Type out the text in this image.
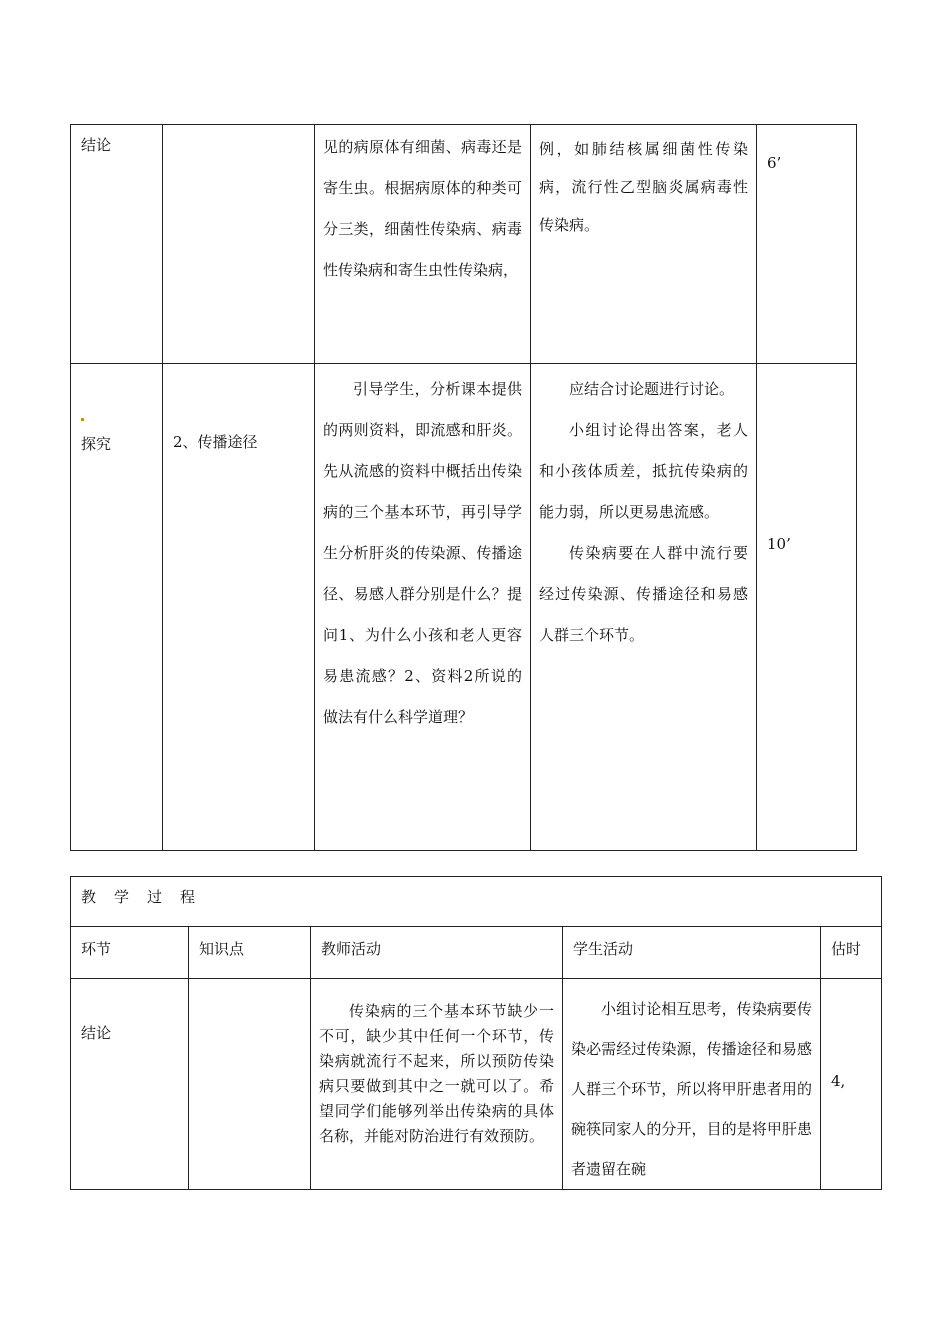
结论		见的病原体有细菌、病毒还是寄生虫。根据病原体的种类可分三类，细菌性传染病、病毒性传染病和寄生虫性传染病，	例，如肺结核属细菌性传染病，流行性乙型脑炎属病毒性传染病。	6’

探究	2、传播途径	引导学生，分析课本提供的两则资料，即流感和肝炎。先从流感的资料中概括出传染病的三个基本环节，再引导学生分析肝炎的传染源、传播途径、易感人群分别是什么？提问1、为什么小孩和老人更容易患流感？2、资料2所说的做法有什么科学道理？	应结合讨论题进行讨论。
小组讨论得出答案，老人和小孩体质差，抵抗传染病的能力弱，所以更易患流感。
传染病要在人群中流行要经过传染源、传播途径和易感人群三个环节。	10’
教学过程				

环节	知识点	教师活动	学生活动	估时

结论		传染病的三个基本环节缺少一不可，缺少其中任何一个环节，传染病就流行不起来，所以预防传染病只要做到其中之一就可以了。希望同学们能够列举出传染病的具体名称，并能对防治进行有效预防。	小组讨论相互思考，传染病要传染必需经过传染源，传播途径和易感人群三个环节，所以将甲肝患者用的碗筷同家人的分开，目的是将甲肝患者遗留在碗	4,
